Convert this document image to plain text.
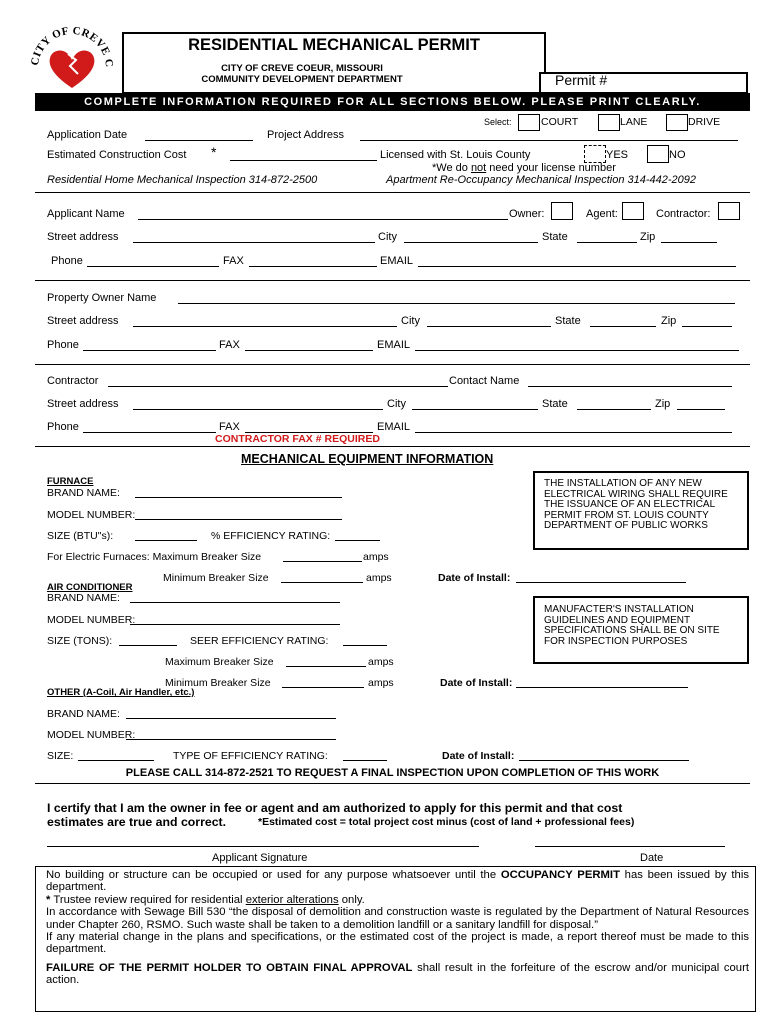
CITY OF CREVE C
RESIDENTIAL MECHANICAL PERMIT
CITY OF CREVE COEUR, MISSOURI
COMMUNITY DEVELOPMENT DEPARTMENT	Permit #
COMPLETE INFORMATION REQUIRED FOR ALL SECTIONS BELOW. PLEASE PRINT CLEARLY.
Select:	COURT	LANE	DRIVE
Application Date	Project Address
Estimated Construction Cost *	Licensed with St. Louis County	YES	NO
*We do not need your license number
Residential Home Mechanical Inspection 314-872-2500	Apartment Re-Occupancy Mechanical Inspection 314-442-2092
Applicant Name	Owner:	Agent:	Contractor:
Street address	City	State	Zip
Phone	FAX	EMAIL
Property Owner Name
Street address	City	State	Zip
Phone	FAX	EMAIL
Contractor	Contact Name
Street address	City	State	Zip
Phone	FAX	EMAIL
CONTRACTOR FAX # REQUIRED
MECHANICAL EQUIPMENT INFORMATION
THE INSTALLATION OF ANY NEW ELECTRICAL WIRING SHALL REQUIRE THE ISSUANCE OF AN ELECTRICAL PERMIT FROM ST. LOUIS COUNTY DEPARTMENT OF PUBLIC WORKS
MANUFACTER'S INSTALLATION GUIDELINES AND EQUIPMENT SPECIFICATIONS SHALL BE ON SITE FOR INSPECTION PURPOSES
FURNACE
BRAND NAME:
MODEL NUMBER:
SIZE (BTU"s):	% EFFICIENCY RATING:
For Electric Furnaces: Maximum Breaker Size	amps
Minimum Breaker Size	amps	Date of Install:
AIR CONDITIONER
BRAND NAME:
MODEL NUMBER:
SIZE (TONS):	SEER EFFICIENCY RATING:
Maximum Breaker Size	amps
Minimum Breaker Size	amps	Date of Install:
OTHER (A-Coil, Air Handler, etc.)
BRAND NAME:
MODEL NUMBER:
SIZE:	TYPE OF EFFICIENCY RATING:	Date of Install:
PLEASE CALL 314-872-2521 TO REQUEST A FINAL INSPECTION UPON COMPLETION OF THIS WORK
I certify that I am the owner in fee or agent and am authorized to apply for this permit and that cost
estimates are true and correct.	*Estimated cost = total project cost minus (cost of land + professional fees)
Applicant Signature	Date

No building or structure can be occupied or used for any purpose whatsoever until the OCCUPANCY PERMIT has been issued by this department.

* Trustee review required for residential exterior alterations only.

In accordance with Sewage Bill 530 “the disposal of demolition and construction waste is regulated by the Department of Natural Resources under Chapter 260, RSMO. Such waste shall be taken to a demolition landfill or a sanitary landfill for disposal.”

If any material change in the plans and specifications, or the estimated cost of the project is made, a report thereof must be made to this department.

FAILURE OF THE PERMIT HOLDER TO OBTAIN FINAL APPROVAL shall result in the forfeiture of the escrow and/or municipal court action.
